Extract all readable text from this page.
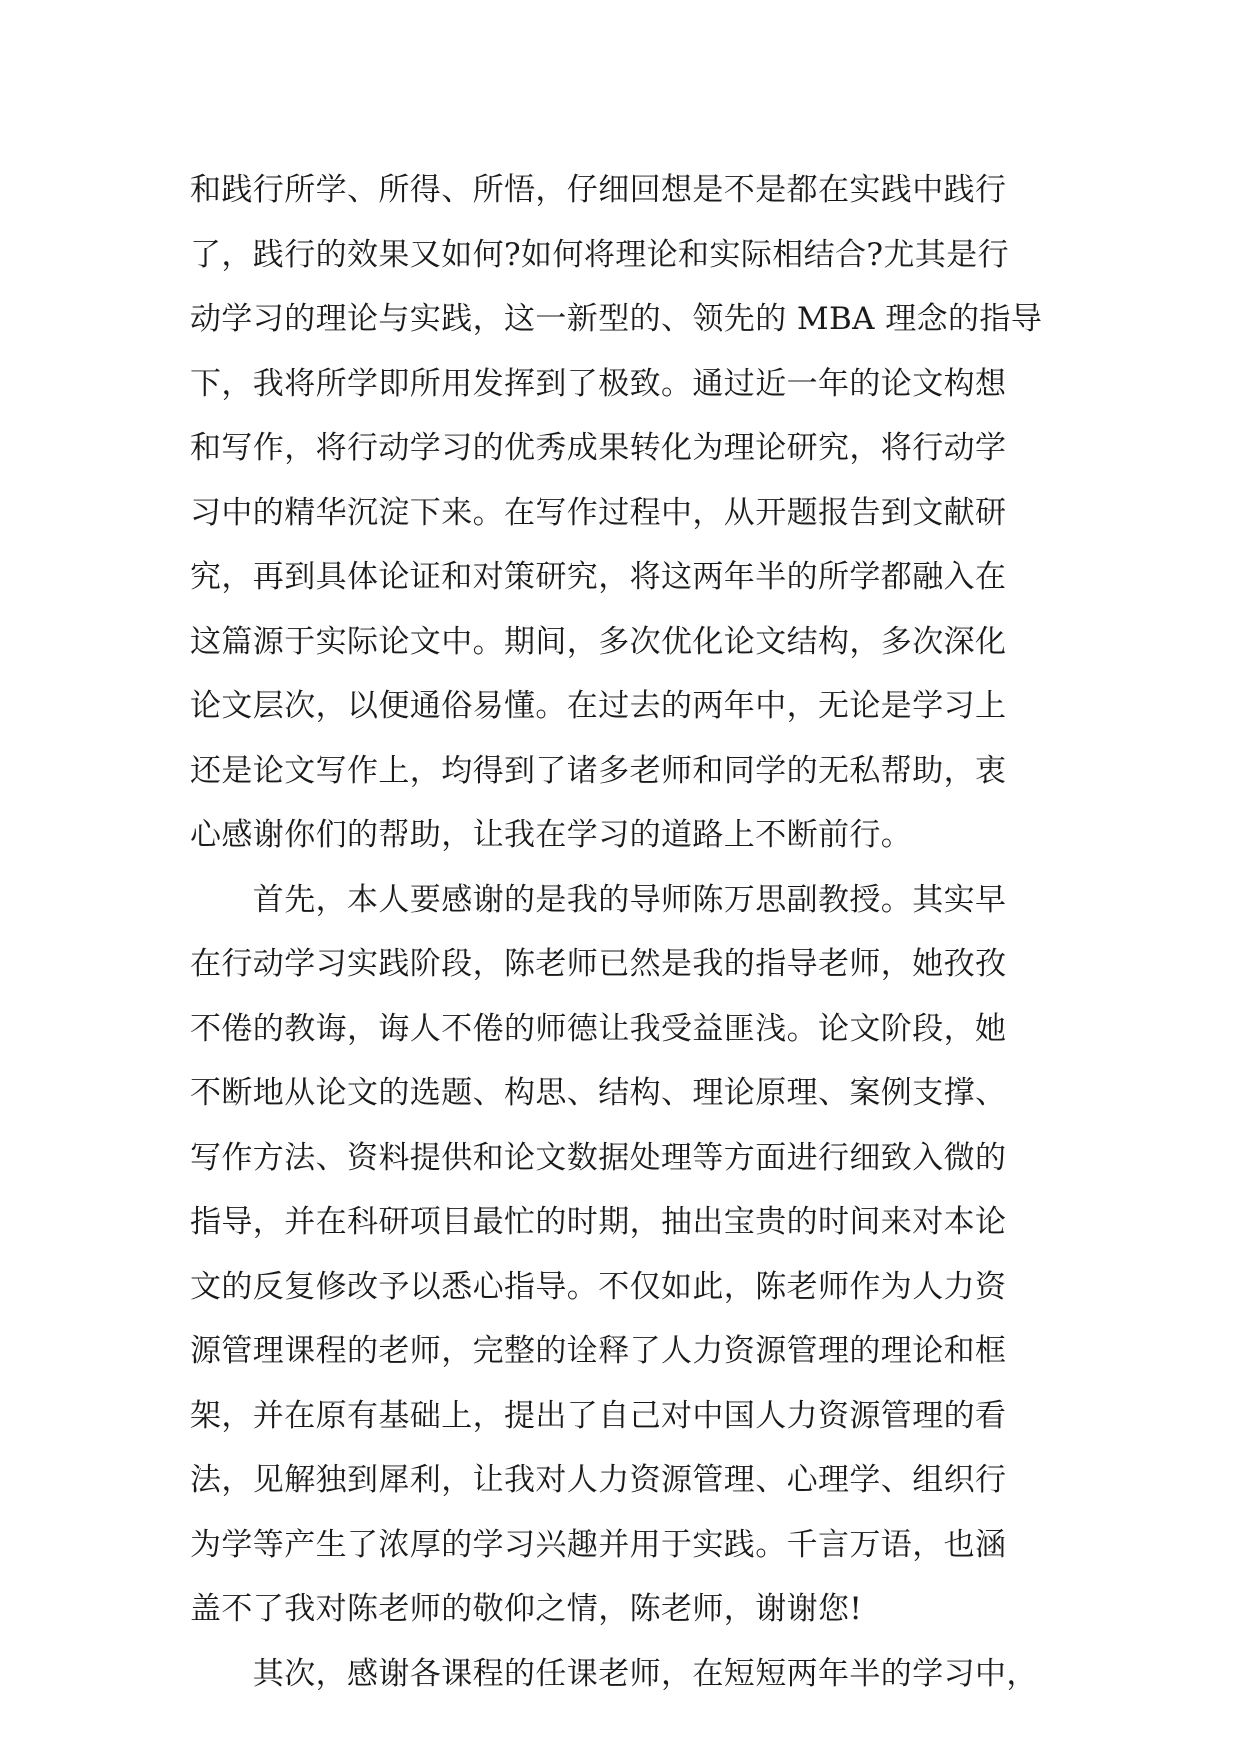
和践行所学、所得、所悟，仔细回想是不是都在实践中践行
了，践行的效果又如何?如何将理论和实际相结合?尤其是行
动学习的理论与实践，这一新型的、领先的 MBA 理念的指导
下，我将所学即所用发挥到了极致。通过近一年的论文构想
和写作，将行动学习的优秀成果转化为理论研究，将行动学
习中的精华沉淀下来。在写作过程中，从开题报告到文献研
究，再到具体论证和对策研究，将这两年半的所学都融入在
这篇源于实际论文中。期间，多次优化论文结构，多次深化
论文层次，以便通俗易懂。在过去的两年中，无论是学习上
还是论文写作上，均得到了诸多老师和同学的无私帮助，衷
心感谢你们的帮助，让我在学习的道路上不断前行。
　　首先，本人要感谢的是我的导师陈万思副教授。其实早
在行动学习实践阶段，陈老师已然是我的指导老师，她孜孜
不倦的教诲，诲人不倦的师德让我受益匪浅。论文阶段，她
不断地从论文的选题、构思、结构、理论原理、案例支撑、
写作方法、资料提供和论文数据处理等方面进行细致入微的
指导，并在科研项目最忙的时期，抽出宝贵的时间来对本论
文的反复修改予以悉心指导。不仅如此，陈老师作为人力资
源管理课程的老师，完整的诠释了人力资源管理的理论和框
架，并在原有基础上，提出了自己对中国人力资源管理的看
法，见解独到犀利，让我对人力资源管理、心理学、组织行
为学等产生了浓厚的学习兴趣并用于实践。千言万语，也涵
盖不了我对陈老师的敬仰之情，陈老师，谢谢您!
　　其次，感谢各课程的任课老师，在短短两年半的学习中，
